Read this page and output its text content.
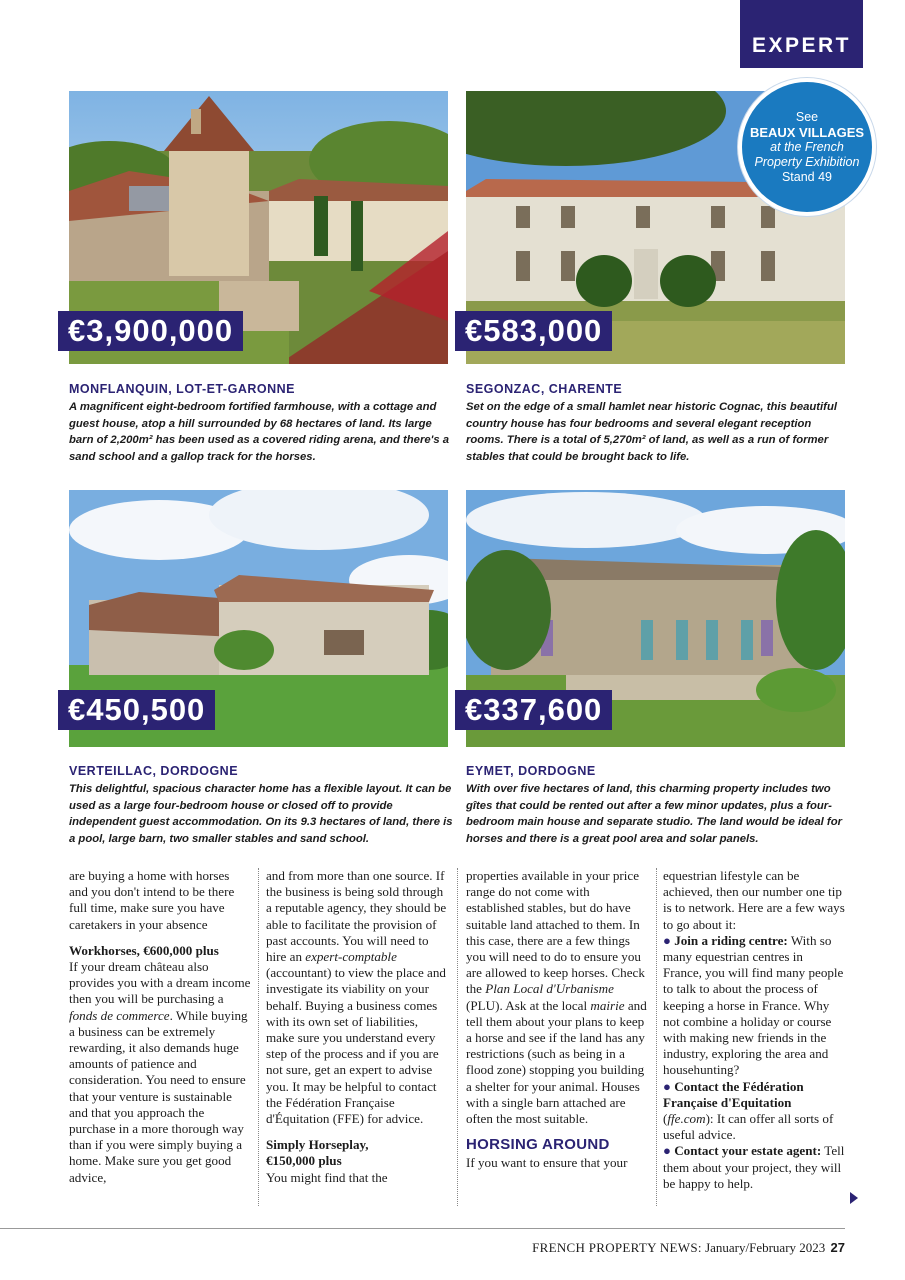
EXPERT
€3,900,000	€583,000
€450,500	€337,600
See
BEAUX VILLAGES
at the French
Property Exhibition
Stand 49
MONFLANQUIN, LOT-ET-GARONNE

A magnificent eight-bedroom fortified farmhouse, with a cottage and guest house, atop a hill surrounded by 68 hectares of land. Its large barn of 2,200m² has been used as a covered riding arena, and there's a sand school and a gallop track for the horses.

SEGONZAC, CHARENTE

Set on the edge of a small hamlet near historic Cognac, this beautiful country house has four bedrooms and several elegant reception rooms. There is a total of 5,270m² of land, as well as a run of former stables that could be brought back to life.

VERTEILLAC, DORDOGNE

This delightful, spacious character home has a flexible layout. It can be used as a large four-bedroom house or closed off to provide independent guest accommodation. On its 9.3 hectares of land, there is a pool, large barn, two smaller stables and sand school.

EYMET, DORDOGNE

With over five hectares of land, this charming property includes two gîtes that could be rented out after a few minor updates, plus a four-bedroom main house and separate studio. The land would be ideal for horses and there is a great pool area and solar panels.

are buying a home with horses and you don't intend to be there full time, make sure you have caretakers in your absence

Workhorses, €600,000 plus

If your dream château also provides you with a dream income then you will be purchasing a fonds de commerce. While buying a business can be extremely rewarding, it also demands huge amounts of patience and consideration. You need to ensure that your venture is sustainable and that you approach the purchase in a more thorough way than if you were simply buying a home. Make sure you get good advice,

and from more than one source. If the business is being sold through a reputable agency, they should be able to facilitate the provision of past accounts. You will need to hire an expert-comptable (accountant) to view the place and investigate its viability on your behalf. Buying a business comes with its own set of liabilities, make sure you understand every step of the process and if you are not sure, get an expert to advise you. It may be helpful to contact the Fédération Française d'Équitation (FFE) for advice.

Simply Horseplay,
€150,000 plus

You might find that the

properties available in your price range do not come with established stables, but do have suitable land attached to them. In this case, there are a few things you will need to do to ensure you are allowed to keep horses. Check the Plan Local d'Urbanisme (PLU). Ask at the local mairie and tell them about your plans to keep a horse and see if the land has any restrictions (such as being in a flood zone) stopping you building a shelter for your animal. Houses with a single barn attached are often the most suitable.

HORSING AROUND

If you want to ensure that your

equestrian lifestyle can be achieved, then our number one tip is to network. Here are a few ways to go about it:

● Join a riding centre: With so many equestrian centres in France, you will find many people to talk to about the process of keeping a horse in France. Why not combine a holiday or course with making new friends in the industry, exploring the area and househunting?

● Contact the Fédération Française d'Equitation
(ffe.com): It can offer all sorts of useful advice.

● Contact your estate agent: Tell them about your project, they will be happy to help.

FRENCH PROPERTY NEWS: January/February 2023 27
